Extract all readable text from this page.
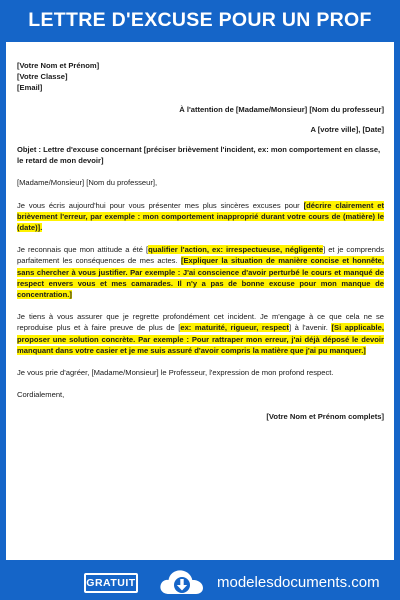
LETTRE D'EXCUSE POUR UN PROF

[Votre Nom et Prénom]

[Votre Classe]

[Email]

À l'attention de [Madame/Monsieur] [Nom du professeur]

A [votre ville], [Date]

Objet : Lettre d'excuse concernant [préciser brièvement l'incident, ex: mon comportement en classe, le retard de mon devoir]

[Madame/Monsieur] [Nom du professeur],

Je vous écris aujourd'hui pour vous présenter mes plus sincères excuses pour [décrire clairement et brièvement l'erreur, par exemple : mon comportement inapproprié durant votre cours de (matière) le (date)].

Je reconnais que mon attitude a été [qualifier l'action, ex: irrespectueuse, négligente] et je comprends parfaitement les conséquences de mes actes. [Expliquer la situation de manière concise et honnête, sans chercher à vous justifier. Par exemple : J'ai conscience d'avoir perturbé le cours et manqué de respect envers vous et mes camarades. Il n'y a pas de bonne excuse pour mon manque de concentration.]

Je tiens à vous assurer que je regrette profondément cet incident. Je m'engage à ce que cela ne se reproduise plus et à faire preuve de plus de [ex: maturité, rigueur, respect] à l'avenir. [Si applicable, proposer une solution concrète. Par exemple : Pour rattraper mon erreur, j'ai déjà déposé le devoir manquant dans votre casier et je me suis assuré d'avoir compris la matière que j'ai pu manquer.]

Je vous prie d'agréer, [Madame/Monsieur] le Professeur, l'expression de mon profond respect.

Cordialement,

[Votre Nom et Prénom complets]

GRATUIT	modelesdocuments.com
